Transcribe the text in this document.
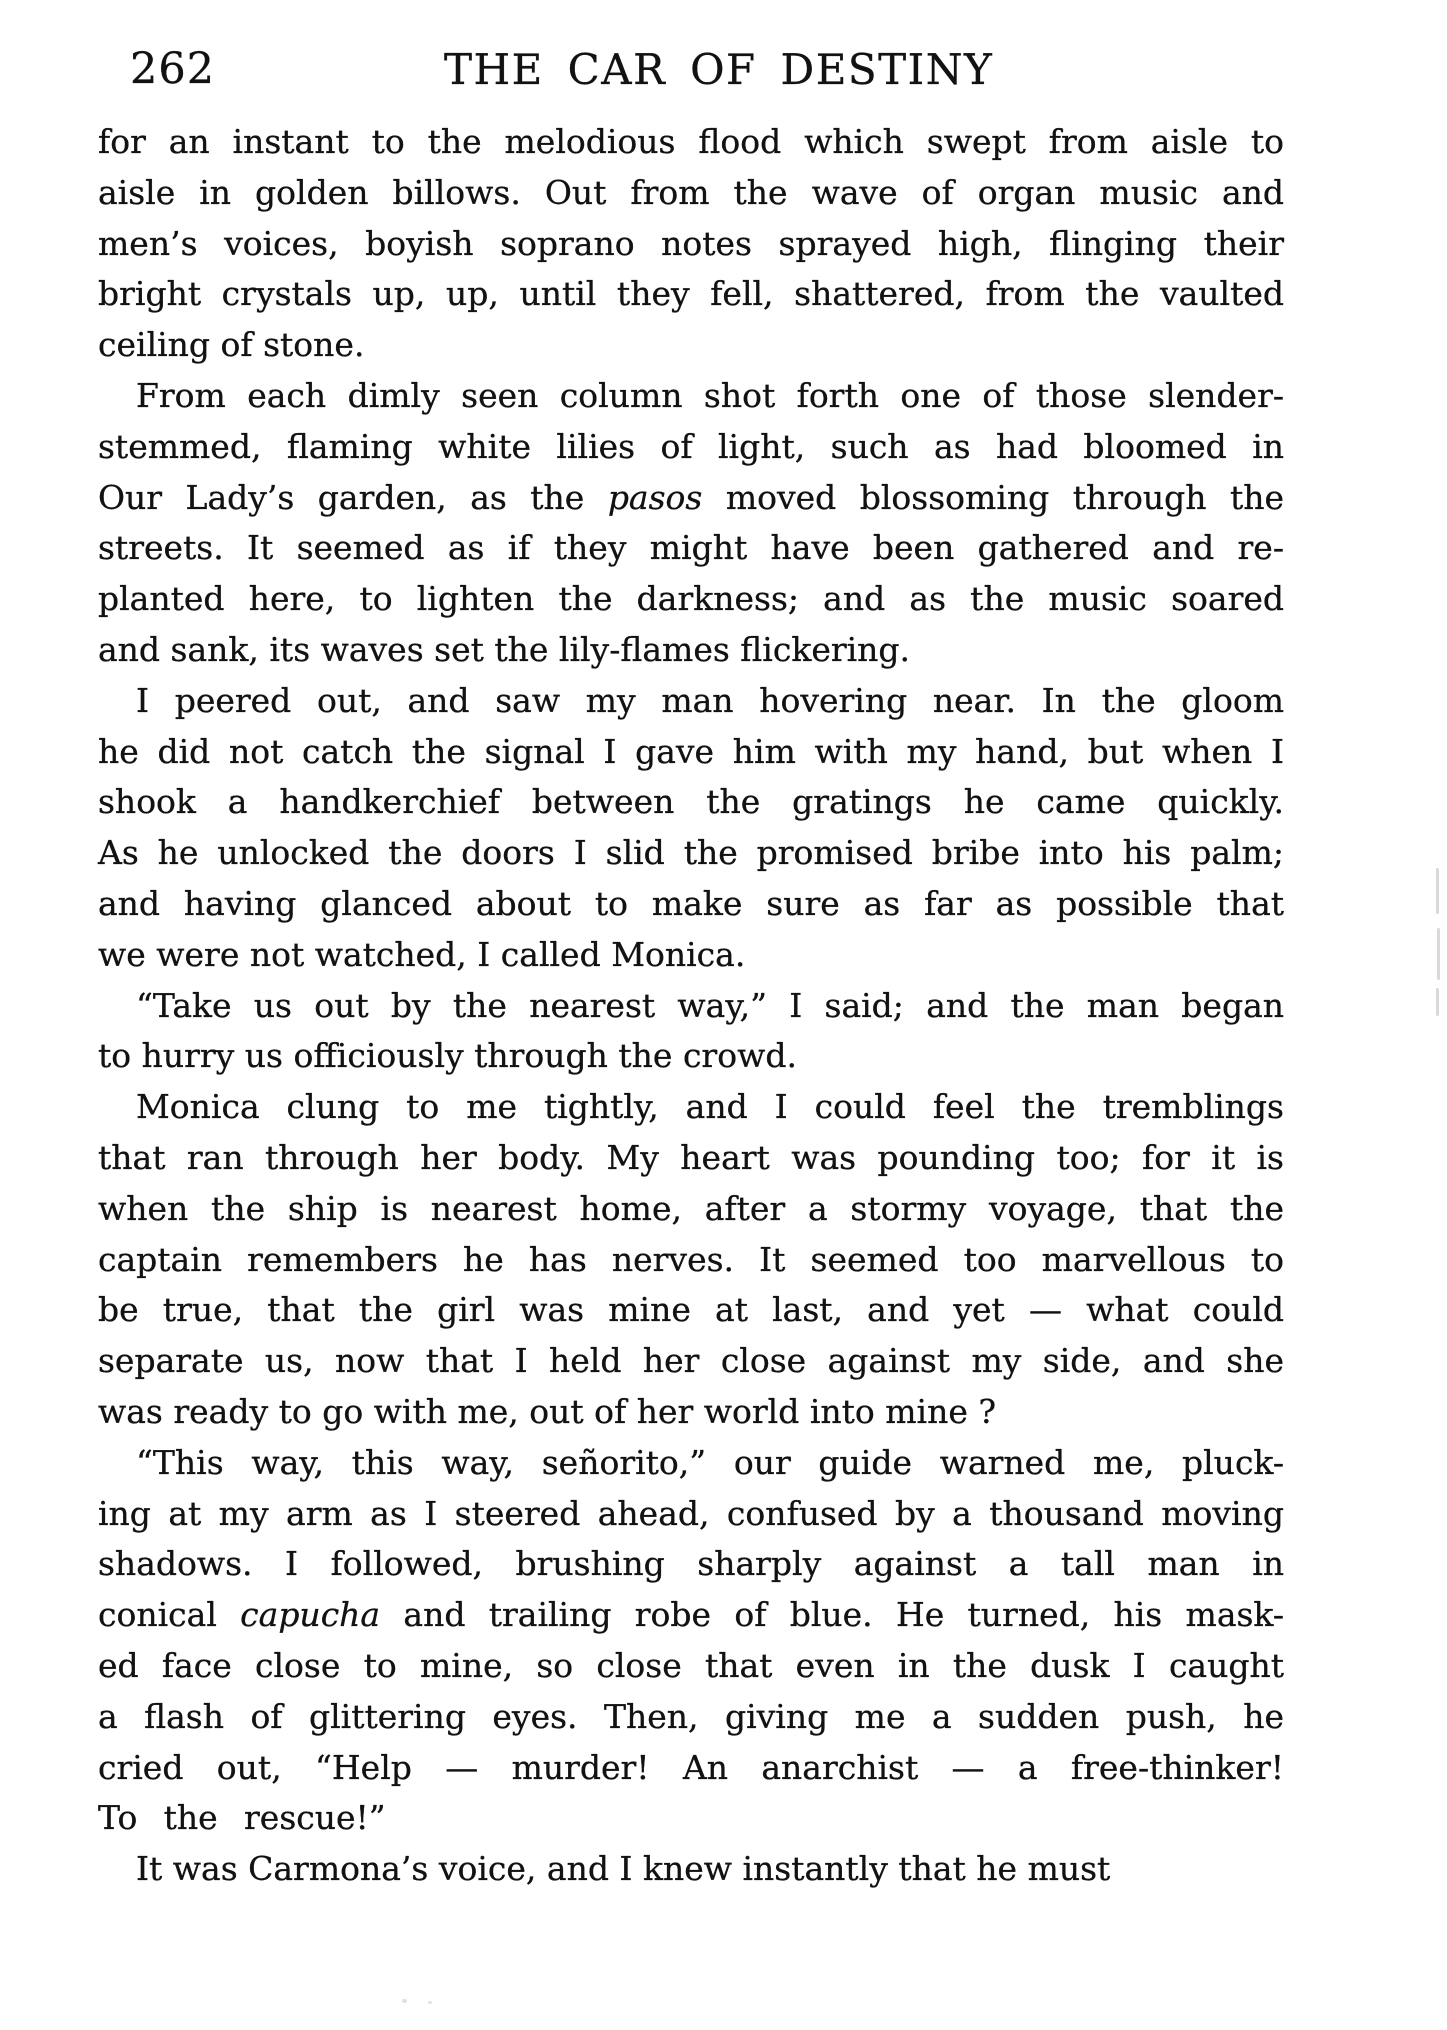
262	THE CAR OF DESTINY
for an instant to the melodious flood which swept from aisle to
aisle in golden billows. Out from the wave of organ music and
men’s voices, boyish soprano notes sprayed high, flinging their
bright crystals up, up, until they fell, shattered, from the vaulted
ceiling of stone.
From each dimly seen column shot forth one of those slender-
stemmed, flaming white lilies of light, such as had bloomed in
Our Lady’s garden, as the pasos moved blossoming through the
streets. It seemed as if they might have been gathered and re-
planted here, to lighten the darkness; and as the music soared
and sank, its waves set the lily-flames flickering.
I peered out, and saw my man hovering near. In the gloom
he did not catch the signal I gave him with my hand, but when I
shook a handkerchief between the gratings he came quickly.
As he unlocked the doors I slid the promised bribe into his palm;
and having glanced about to make sure as far as possible that
we were not watched, I called Monica.
“Take us out by the nearest way,” I said; and the man began
to hurry us officiously through the crowd.
Monica clung to me tightly, and I could feel the tremblings
that ran through her body. My heart was pounding too; for it is
when the ship is nearest home, after a stormy voyage, that the
captain remembers he has nerves. It seemed too marvellous to
be true, that the girl was mine at last, and yet — what could
separate us, now that I held her close against my side, and she
was ready to go with me, out of her world into mine ?
“This way, this way, señorito,” our guide warned me, pluck-
ing at my arm as I steered ahead, confused by a thousand moving
shadows. I followed, brushing sharply against a tall man in
conical capucha and trailing robe of blue. He turned, his mask-
ed face close to mine, so close that even in the dusk I caught
a flash of glittering eyes. Then, giving me a sudden push, he
cried out, “Help — murder! An anarchist — a free-thinker!
To the rescue!”
It was Carmona’s voice, and I knew instantly that he must
